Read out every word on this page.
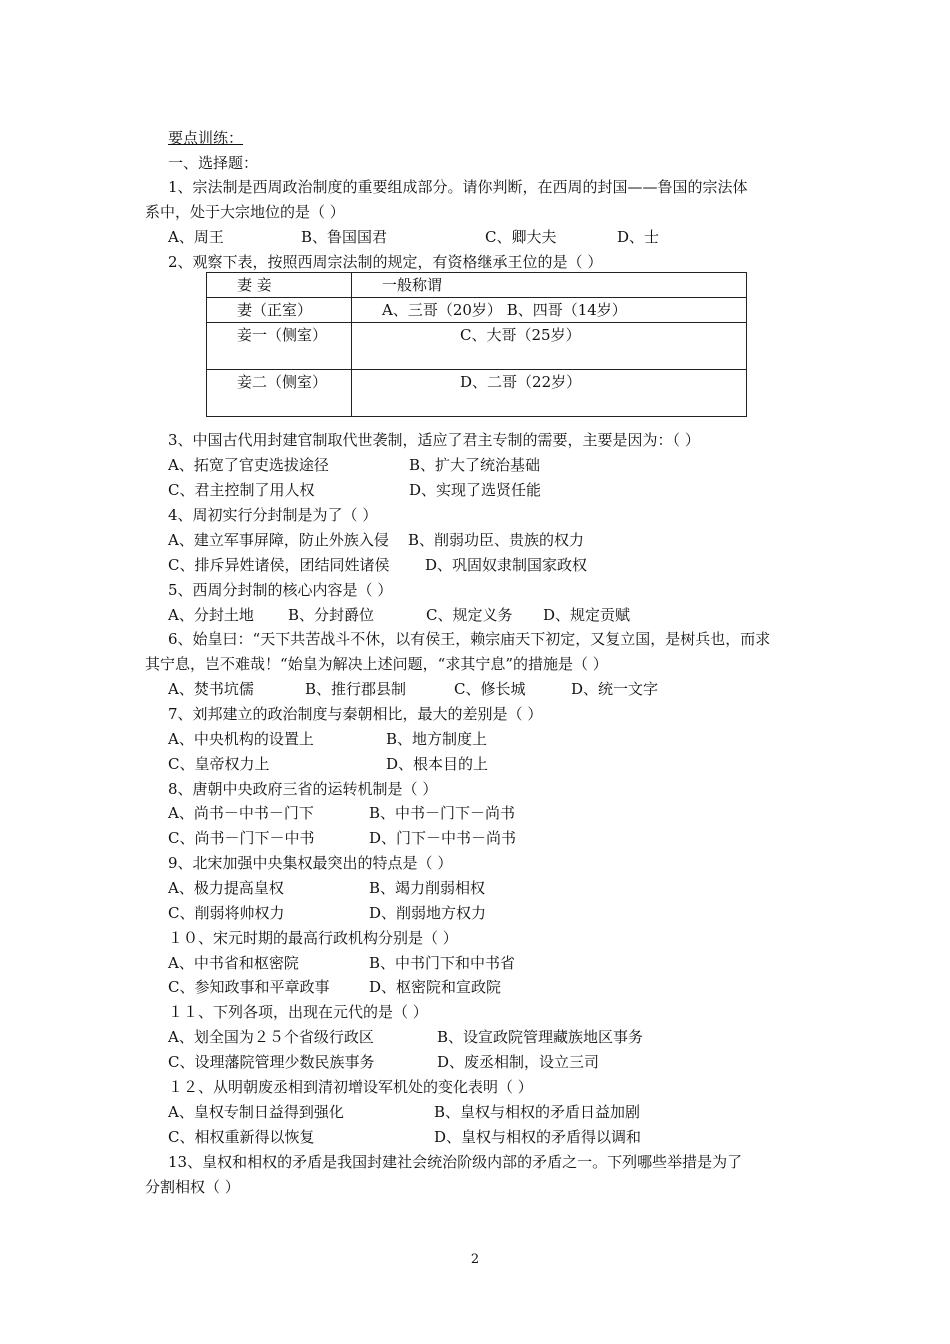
要点训练：
一、选择题：
1、宗法制是西周政治制度的重要组成部分。请你判断，在西周的封国——鲁国的宗法体
系中，处于大宗地位的是（ ）
A、周王	B、鲁国国君	C、卿大夫	D、士
2、观察下表，按照西周宗法制的规定，有资格继承王位的是（ ）
妻 妾	一般称谓
妻（正室）	A、三哥（20岁） B、四哥（14岁）

妾一（侧室）	C、大哥（25岁）

妾二（侧室）	D、二哥（22岁）
3、中国古代用封建官制取代世袭制，适应了君主专制的需要，主要是因为：（ ）
A、拓宽了官吏选拔途径	B、扩大了统治基础
C、君主控制了用人权	D、实现了选贤任能
4、周初实行分封制是为了（ ）
A、建立军事屏障，防止外族入侵 B、削弱功臣、贵族的权力
C、排斥异姓诸侯，团结同姓诸侯 D、巩固奴隶制国家政权
5、西周分封制的核心内容是（ ）
A、分封土地 B、分封爵位	C、规定义务 D、规定贡赋
6、始皇曰：“天下共苦战斗不休，以有侯王，赖宗庙天下初定，又复立国，是树兵也，而求
其宁息，岂不难哉！“始皇为解决上述问题，“求其宁息”的措施是（ ）
A、焚书坑儒	B、推行郡县制	C、修长城	D、统一文字
7、刘邦建立的政治制度与秦朝相比，最大的差别是（ ）
A、中央机构的设置上	B、地方制度上
C、皇帝权力上	D、根本目的上
8、唐朝中央政府三省的运转机制是（ ）
A、尚书－中书－门下	B、中书－门下－尚书
C、尚书－门下－中书	D、门下－中书－尚书
9、北宋加强中央集权最突出的特点是（ ）
A、极力提高皇权	B、竭力削弱相权
C、削弱将帅权力	D、削弱地方权力
１０、宋元时期的最高行政机构分别是（ ）
A、中书省和枢密院	B、中书门下和中书省
C、参知政事和平章政事	D、枢密院和宣政院
１１、下列各项，出现在元代的是（ ）
A、划全国为２５个省级行政区	B、设宣政院管理藏族地区事务
C、设理藩院管理少数民族事务	D、废丞相制，设立三司
１２、从明朝废丞相到清初增设军机处的变化表明（ ）
A、皇权专制日益得到强化	B、皇权与相权的矛盾日益加剧
C、相权重新得以恢复	D、皇权与相权的矛盾得以调和
13、皇权和相权的矛盾是我国封建社会统治阶级内部的矛盾之一。下列哪些举措是为了
分割相权（ ）
2
